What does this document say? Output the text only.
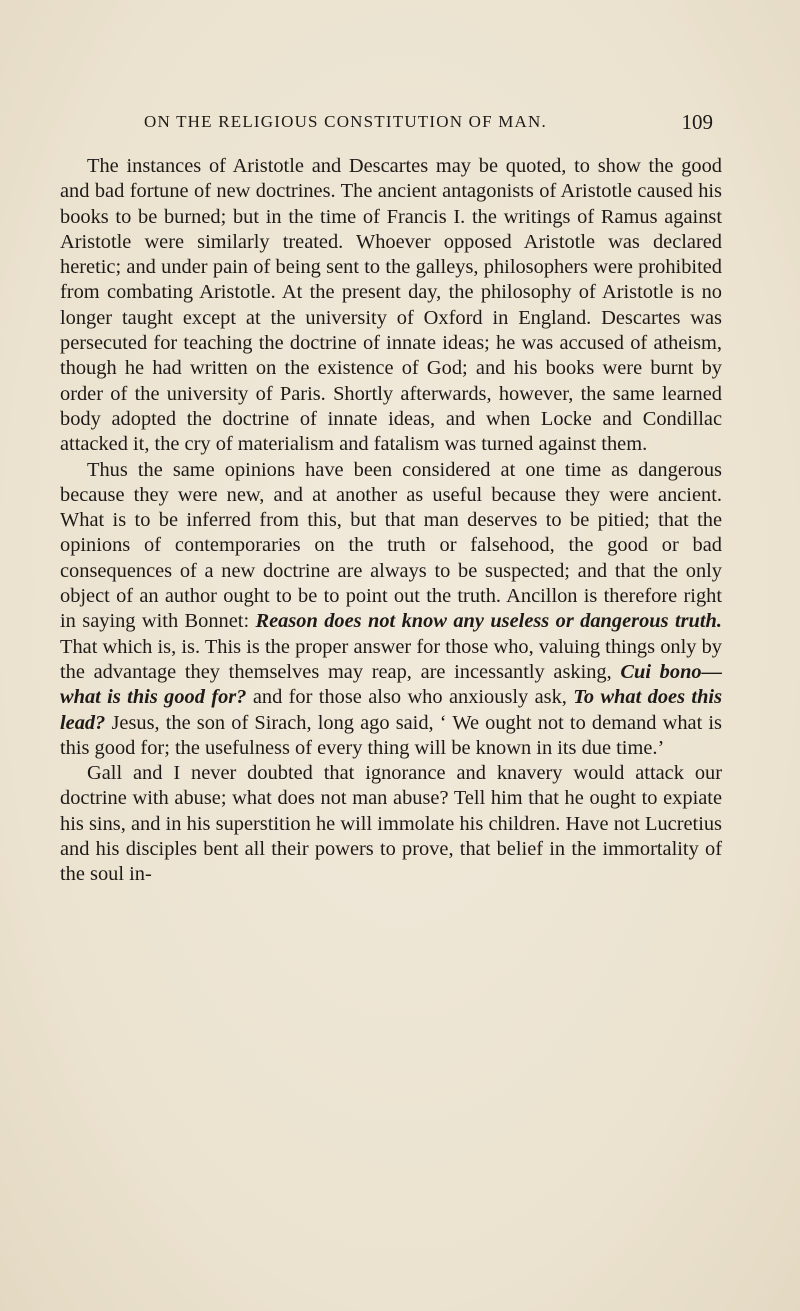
ON THE RELIGIOUS CONSTITUTION OF MAN.	109

The instances of Aristotle and Descartes may be quoted, to show the good and bad fortune of new doctrines. The ancient antagonists of Aristotle caused his books to be burned; but in the time of Francis I. the writings of Ramus against Aristotle were similarly treated. Whoever opposed Aristotle was declared heretic; and under pain of being sent to the galleys, philosophers were prohibited from combating Aristotle. At the present day, the philosophy of Aristotle is no longer taught except at the university of Oxford in England. Descartes was persecuted for teaching the doctrine of innate ideas; he was accused of atheism, though he had written on the existence of God; and his books were burnt by order of the university of Paris. Shortly afterwards, however, the same learned body adopted the doctrine of innate ideas, and when Locke and Condillac attacked it, the cry of materialism and fatalism was turned against them.

Thus the same opinions have been considered at one time as dangerous because they were new, and at another as useful because they were ancient. What is to be inferred from this, but that man deserves to be pitied; that the opinions of contemporaries on the truth or falsehood, the good or bad consequences of a new doctrine are always to be suspected; and that the only object of an author ought to be to point out the truth. Ancillon is therefore right in saying with Bonnet: Reason does not know any useless or dangerous truth. That which is, is. This is the proper answer for those who, valuing things only by the advantage they themselves may reap, are incessantly asking, Cui bono—what is this good for? and for those also who anxiously ask, To what does this lead? Jesus, the son of Sirach, long ago said, ‘ We ought not to demand what is this good for; the usefulness of every thing will be known in its due time.’

Gall and I never doubted that ignorance and knavery would attack our doctrine with abuse; what does not man abuse? Tell him that he ought to expiate his sins, and in his superstition he will immolate his children. Have not Lucretius and his disciples bent all their powers to prove, that belief in the immortality of the soul in-
